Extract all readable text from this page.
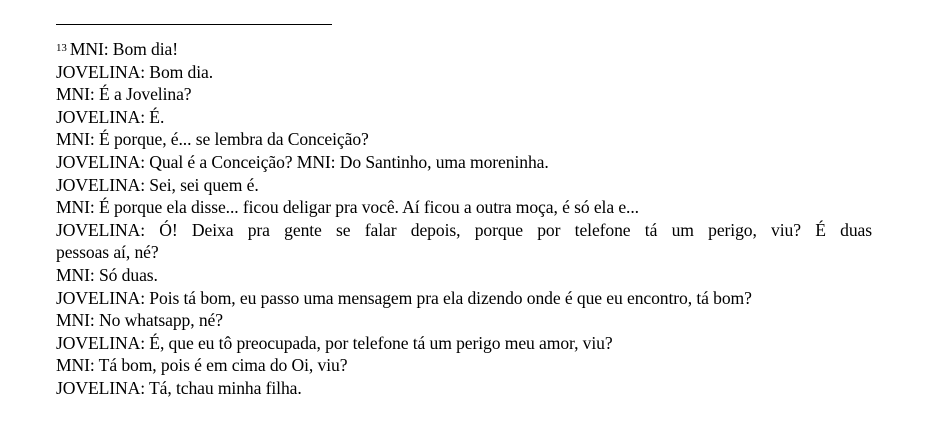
$^{13}$ MNI: Bom dia!
JOVELINA: Bom dia.
MNI: É a Jovelina?
JOVELINA: É.
MNI: É porque, é... se lembra da Conceição?
JOVELINA: Qual é a Conceição? MNI: Do Santinho, uma moreninha.
JOVELINA: Sei, sei quem é.
MNI: É porque ela disse... ficou deligar pra você. Aí ficou a outra moça, é só ela e...
JOVELINA: Ó! Deixa pra gente se falar depois, porque por telefone tá um perigo, viu? É duas
pessoas aí, né?
MNI: Só duas.
JOVELINA: Pois tá bom, eu passo uma mensagem pra ela dizendo onde é que eu encontro, tá bom?
MNI: No whatsapp, né?
JOVELINA: É, que eu tô preocupada, por telefone tá um perigo meu amor, viu?
MNI: Tá bom, pois é em cima do Oi, viu?
JOVELINA: Tá, tchau minha filha.
